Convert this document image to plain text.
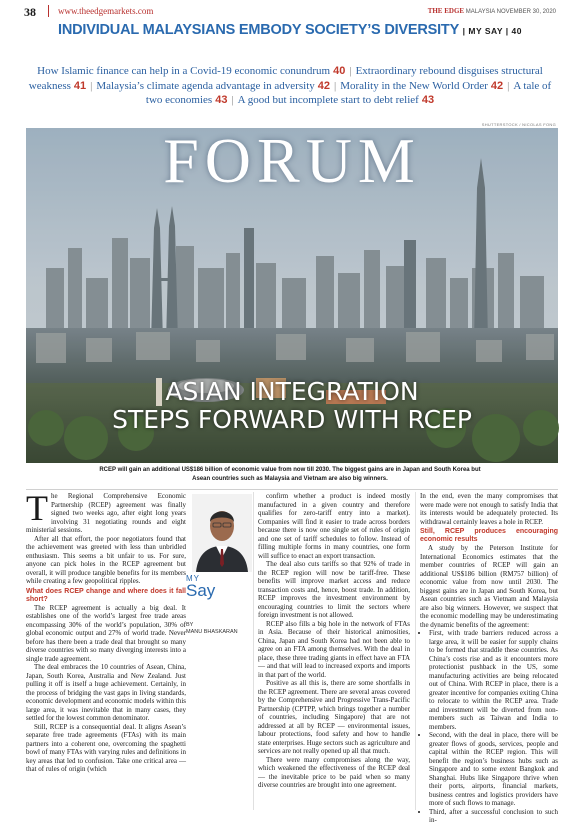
38 www.theedgemarkets.com	THE EDGE MALAYSIA NOVEMBER 30, 2020
INDIVIDUAL MALAYSIANS EMBODY SOCIETY’S DIVERSITY | MY SAY | 40
How Islamic finance can help in a Covid-19 economic conundrum 40 | Extraordinary rebound disguises structural weakness 41 | Malaysia’s climate agenda advantage in adversity 42 | Morality in the New World Order 42 | A tale of two economies 43 | A good but incomplete start to debt relief 43
SHUTTERSTOCK / NICOLAS FONG
FORUM
ASIAN INTEGRATION
STEPS FORWARD WITH RCEP
RCEP will gain an additional US$186 billion of economic value from now till 2030. The biggest gains are in Japan and South Korea but
Asean countries such as Malaysia and Vietnam are also big winners.

The Regional Comprehensive Economic Partnership (RCEP) agreement was finally signed two weeks ago, after eight long years involving 31 negotiating rounds and eight ministerial sessions.

After all that effort, the poor negotiators found that the achievement was greeted with less than unbridled enthusiasm. This seems a bit unfair to us. For sure, anyone can pick holes in the RCEP agreement but overall, it will produce tangible benefits for its members while creating a few geopolitical ripples.

What does RCEP change and where does it fall short?

The RCEP agreement is actually a big deal. It establishes one of the world’s largest free trade areas encompassing 30% of the world’s population, 30% of global economic output and 27% of world trade. Never before has there been a trade deal that brought so many diverse countries with so many diverging interests into a single trade agreement.

The deal embraces the 10 countries of Asean, China, Japan, South Korea, Australia and New Zealand. Just pulling it off is itself a huge achievement. Certainly, in the process of bridging the vast gaps in living standards, economic development and economic models within this large area, it was inevitable that in many cases, they settled for the lowest common denominator.

Still, RCEP is a consequential deal. It aligns Asean’s separate free trade agreements (FTAs) with its main partners into a coherent one, overcoming the spaghetti bowl of many FTAs with varying rules and definitions in key areas that led to confusion. Take one critical area — that of rules of origin (which

MY
Say
BY
MANU BHASKARAN

confirm whether a product is indeed mostly manufactured in a given country and therefore qualifies for zero-tariff entry into a market). Companies will find it easier to trade across borders because there is now one single set of rules of origin and one set of tariff schedules to follow. Instead of filling multiple forms in many countries, one form will suffice to enact an export transaction.

The deal also cuts tariffs so that 92% of trade in the RCEP region will now be tariff-free. These benefits will improve market access and reduce transaction costs and, hence, boost trade. In addition, RCEP improves the investment environment by encouraging countries to limit the sectors where foreign investment is not allowed.

RCEP also fills a big hole in the network of FTAs in Asia. Because of their historical animosities, China, Japan and South Korea had not been able to agree on an FTA among themselves. With the deal in place, these three trading giants in effect have an FTA — and that will lead to increased exports and imports in that part of the world.

Positive as all this is, there are some shortfalls in the RCEP agreement. There are several areas covered by the Comprehensive and Progressive Trans-Pacific Partnership (CPTPP, which brings together a number of countries, including Singapore) that are not addressed at all by RCEP — environmental issues, labour protections, food safety and how to handle state enterprises. Huge sectors such as agriculture and services are not really opened up all that much.

There were many compromises along the way, which weakened the effectiveness of the RCEP deal — the inevitable price to be paid when so many diverse countries are brought into one agreement.

In the end, even the many compromises that were made were not enough to satisfy India that its interests would be adequately protected. Its withdrawal certainly leaves a hole in RCEP.

Still, RCEP produces encouraging economic results

A study by the Peterson Institute for International Economics estimates that the member countries of RCEP will gain an additional US$186 billion (RM757 billion) of economic value from now until 2030. The biggest gains are in Japan and South Korea, but Asean countries such as Vietnam and Malaysia are also big winners. However, we suspect that the economic modelling may be underestimating the dynamic benefits of the agreement:

• First, with trade barriers reduced across a large area, it will be easier for supply chains to be formed that straddle these countries. As China’s costs rise and as it encounters more protectionist pushback in the US, some manufacturing activities are being relocated out of China. With RCEP in place, there is a greater incentive for companies exiting China to relocate to within the RCEP area. Trade and investment will be diverted from non-members such as Taiwan and India to members.
• Second, with the deal in place, there will be greater flows of goods, services, people and capital within the RCEP region. This will benefit the region’s business hubs such as Singapore and to some extent Bangkok and Shanghai. Hubs like Singapore thrive when their ports, airports, financial markets, business centres and logistics providers have more of such flows to manage.
• Third, after a successful conclusion to such in-
